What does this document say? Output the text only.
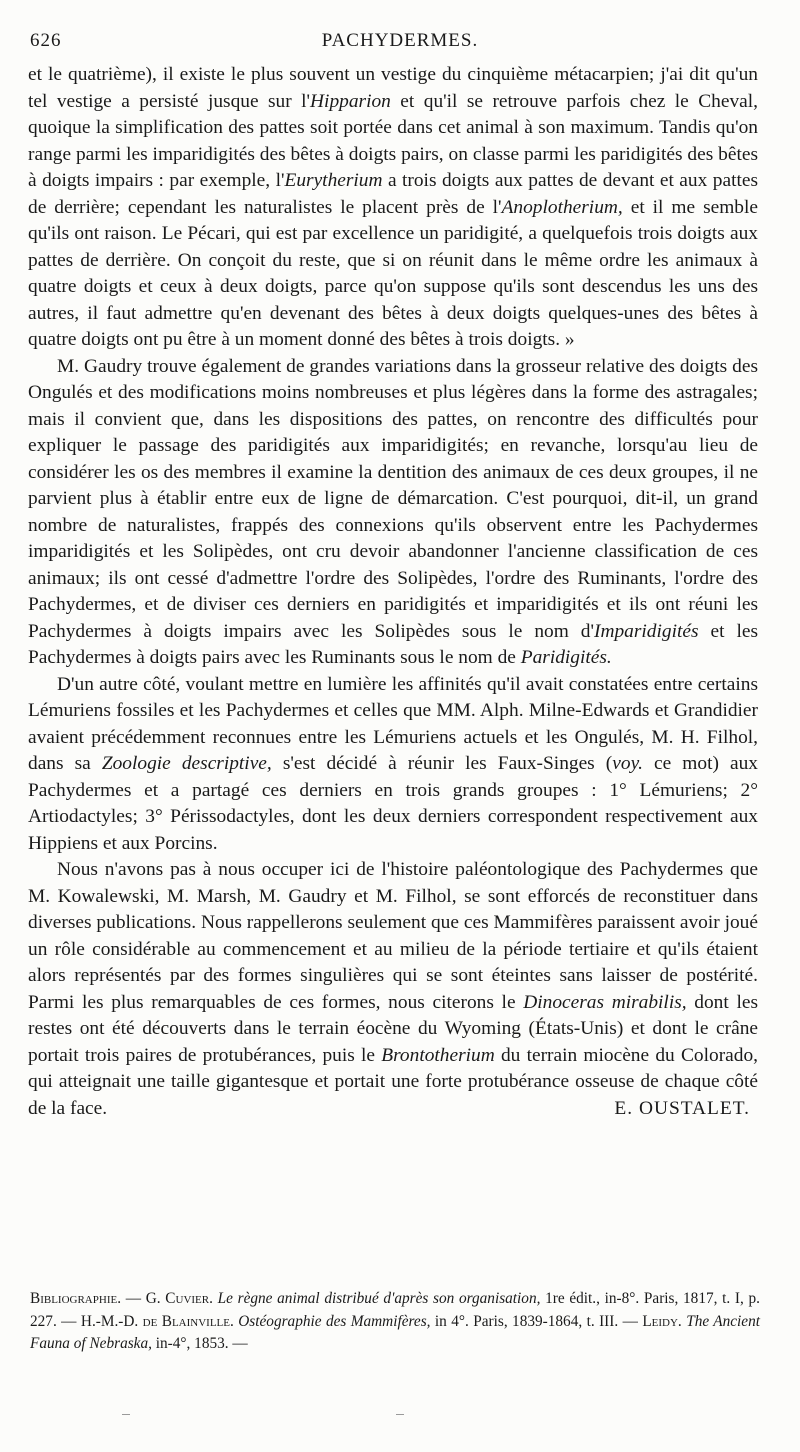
626	PACHYDERMES.

et le quatrième), il existe le plus souvent un vestige du cinquième métacarpien; j'ai dit qu'un tel vestige a persisté jusque sur l'Hipparion et qu'il se retrouve parfois chez le Cheval, quoique la simplification des pattes soit portée dans cet animal à son maximum. Tandis qu'on range parmi les imparidigités des bêtes à doigts pairs, on classe parmi les paridigités des bêtes à doigts impairs : par exemple, l'Eurytherium a trois doigts aux pattes de devant et aux pattes de derrière; cependant les naturalistes le placent près de l'Anoplotherium, et il me semble qu'ils ont raison. Le Pécari, qui est par excellence un paridigité, a quelquefois trois doigts aux pattes de derrière. On conçoit du reste, que si on réunit dans le même ordre les animaux à quatre doigts et ceux à deux doigts, parce qu'on suppose qu'ils sont descendus les uns des autres, il faut admettre qu'en devenant des bêtes à deux doigts quelques-unes des bêtes à quatre doigts ont pu être à un moment donné des bêtes à trois doigts. »

M. Gaudry trouve également de grandes variations dans la grosseur relative des doigts des Ongulés et des modifications moins nombreuses et plus légères dans la forme des astragales; mais il convient que, dans les dispositions des pattes, on rencontre des difficultés pour expliquer le passage des paridigités aux imparidigités; en revanche, lorsqu'au lieu de considérer les os des membres il examine la dentition des animaux de ces deux groupes, il ne parvient plus à établir entre eux de ligne de démarcation. C'est pourquoi, dit-il, un grand nombre de naturalistes, frappés des connexions qu'ils observent entre les Pachydermes imparidigités et les Solipèdes, ont cru devoir abandonner l'ancienne classification de ces animaux; ils ont cessé d'admettre l'ordre des Solipèdes, l'ordre des Ruminants, l'ordre des Pachydermes, et de diviser ces derniers en paridigités et imparidigités et ils ont réuni les Pachydermes à doigts impairs avec les Solipèdes sous le nom d'Imparidigités et les Pachydermes à doigts pairs avec les Ruminants sous le nom de Paridigités.

D'un autre côté, voulant mettre en lumière les affinités qu'il avait constatées entre certains Lémuriens fossiles et les Pachydermes et celles que MM. Alph. Milne-Edwards et Grandidier avaient précédemment reconnues entre les Lémuriens actuels et les Ongulés, M. H. Filhol, dans sa Zoologie descriptive, s'est décidé à réunir les Faux-Singes (voy. ce mot) aux Pachydermes et a partagé ces derniers en trois grands groupes : 1° Lémuriens; 2° Artiodactyles; 3° Périssodactyles, dont les deux derniers correspondent respectivement aux Hippiens et aux Porcins.

Nous n'avons pas à nous occuper ici de l'histoire paléontologique des Pachydermes que M. Kowalewski, M. Marsh, M. Gaudry et M. Filhol, se sont efforcés de reconstituer dans diverses publications. Nous rappellerons seulement que ces Mammifères paraissent avoir joué un rôle considérable au commencement et au milieu de la période tertiaire et qu'ils étaient alors représentés par des formes singulières qui se sont éteintes sans laisser de postérité. Parmi les plus remarquables de ces formes, nous citerons le Dinoceras mirabilis, dont les restes ont été découverts dans le terrain éocène du Wyoming (États-Unis) et dont le crâne portait trois paires de protubérances, puis le Brontotherium du terrain miocène du Colorado, qui atteignait une taille gigantesque et portait une forte protubérance osseuse de chaque côté de la face.	E. OUSTALET.

Bibliographie. — G. Cuvier. Le règne animal distribué d'après son organisation, 1re édit., in-8°. Paris, 1817, t. I, p. 227. — H.-M.-D. de Blainville. Ostéographie des Mammifères, in 4°. Paris, 1839-1864, t. III. — Leidy. The Ancient Fauna of Nebraska, in-4°, 1853. —
